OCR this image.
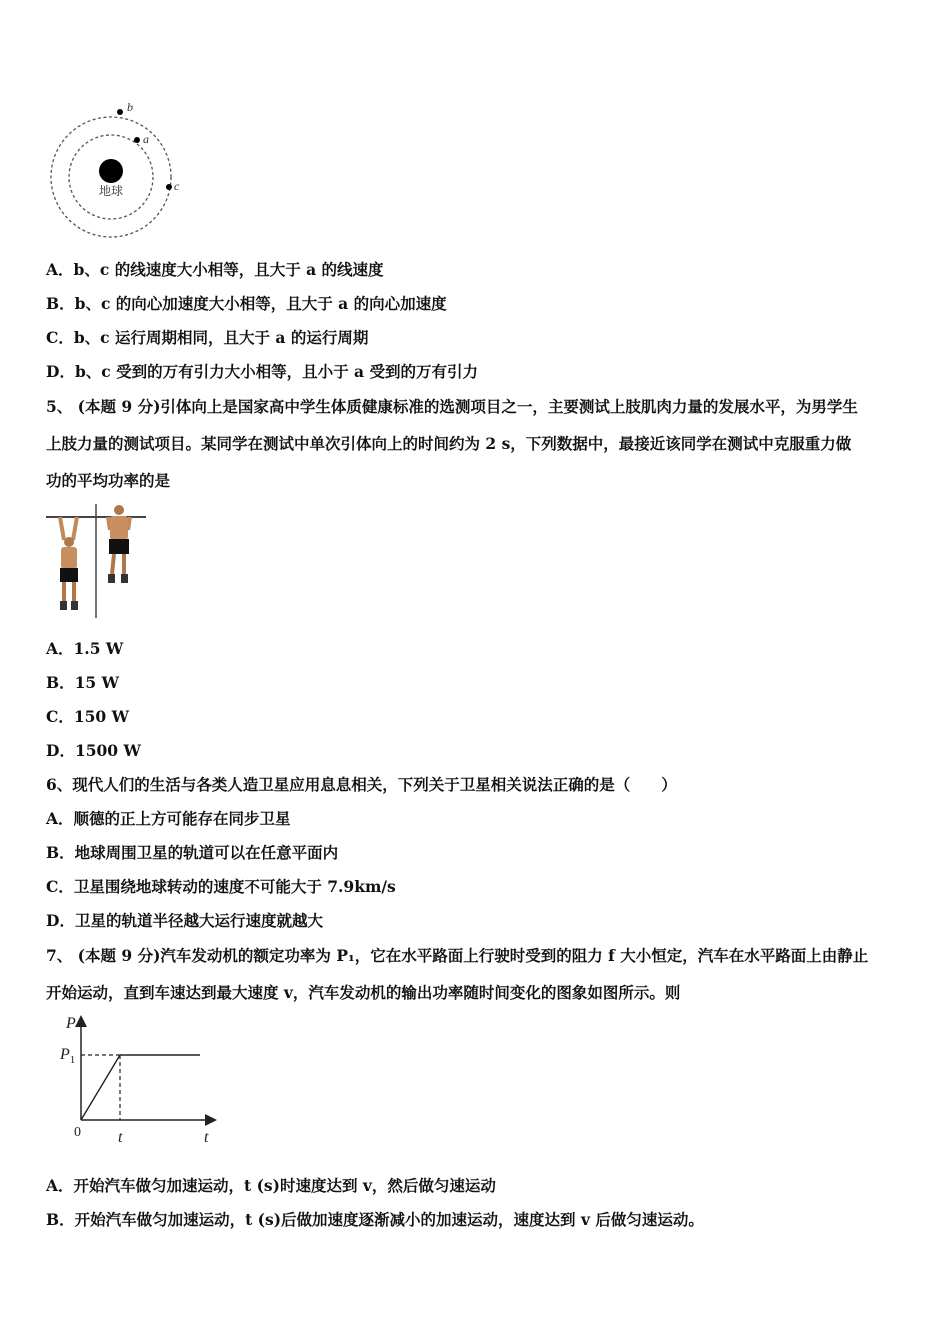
地球
b
a
c
A．b、c 的线速度大小相等，且大于 a 的线速度
B．b、c 的向心加速度大小相等，且大于 a 的向心加速度
C．b、c 运行周期相同，且大于 a 的运行周期
D．b、c 受到的万有引力大小相等，且小于 a 受到的万有引力
5、 (本题 9 分)引体向上是国家高中学生体质健康标准的选测项目之一，主要测试上肢肌肉力量的发展水平，为男学生
上肢力量的测试项目。某同学在测试中单次引体向上的时间约为 2 s，下列数据中，最接近该同学在测试中克服重力做
功的平均功率的是
A．1.5 W
B．15 W
C．150 W
D．1500 W
6、现代人们的生活与各类人造卫星应用息息相关，下列关于卫星相关说法正确的是（　　）
A．顺德的正上方可能存在同步卫星
B．地球周围卫星的轨道可以在任意平面内
C．卫星围绕地球转动的速度不可能大于 7.9km/s
D．卫星的轨道半径越大运行速度就越大
7、 (本题 9 分)汽车发动机的额定功率为 P₁，它在水平路面上行驶时受到的阻力 f 大小恒定，汽车在水平路面上由静止
开始运动，直到车速达到最大速度 v，汽车发动机的输出功率随时间变化的图象如图所示。则
P
$P_1$
0 t	t
A．开始汽车做匀加速运动，t (s)时速度达到 v，然后做匀速运动
B．开始汽车做匀加速运动，t (s)后做加速度逐渐减小的加速运动，速度达到 v 后做匀速运动。
